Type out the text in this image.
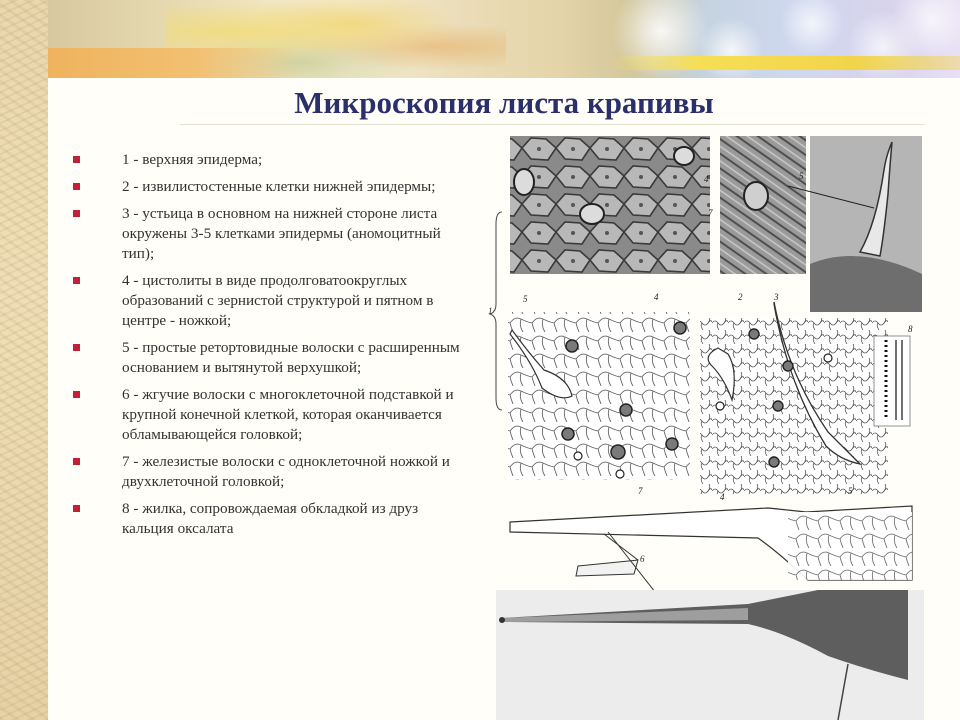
Микроскопия листа крапивы
1 - верхняя эпидерма;
2 - извилистостенные клетки нижней эпидермы;
3 - устьица в основном на нижней стороне листа окружены 3-5 клетками эпидермы (аномоцитный тип);
4 - цистолиты в виде продолговатоокруглых образований с зернистой структурой и пятном в центре - ножкой;
5 - простые ретортовидные волоски с расширенным основанием и вытянутой верхушкой;
6 - жгучие волоски с многоклеточной подставкой и крупной конечной клеткой, которая оканчивается обламывающейся головкой;
7 - железистые волоски с одноклеточной ножкой и двухклеточной головкой;
8 - жилка, сопровождаемая обкладкой из друз кальция оксалата
4
7
5
1
5	4
7
2	3
4
5
8
6
